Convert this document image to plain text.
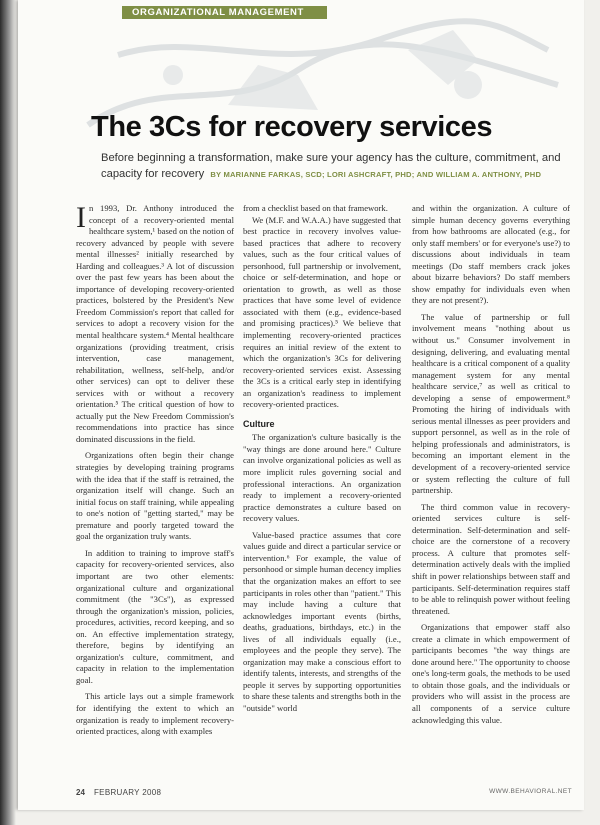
ORGANIZATIONAL MANAGEMENT
The 3Cs for recovery services
Before beginning a transformation, make sure your agency has the culture, commitment, and capacity for recovery BY MARIANNE FARKAS, SCD; LORI ASHCRAFT, PHD; AND WILLIAM A. ANTHONY, PHD

In 1993, Dr. Anthony introduced the concept of a recovery-oriented mental healthcare system,¹ based on the notion of recovery advanced by people with severe mental illnesses² initially researched by Harding and colleagues.³ A lot of discussion over the past few years has been about the importance of developing recovery-oriented practices, bolstered by the President's New Freedom Commission's report that called for services to adopt a recovery vision for the mental healthcare system.⁴ Mental healthcare organizations (providing treatment, crisis intervention, case management, rehabilitation, wellness, self-help, and/or other services) can opt to deliver these services with or without a recovery orientation.⁵ The critical question of how to actually put the New Freedom Commission's recommendations into practice has since dominated discussions in the field.

Organizations often begin their change strategies by developing training programs with the idea that if the staff is retrained, the organization itself will change. Such an initial focus on staff training, while appealing to one's notion of "getting started," may be premature and poorly targeted toward the goal the organization truly wants.

In addition to training to improve staff's capacity for recovery-oriented services, also important are two other elements: organizational culture and organizational commitment (the "3Cs"), as expressed through the organization's mission, policies, procedures, activities, record keeping, and so on. An effective implementation strategy, therefore, begins by identifying an organization's culture, commitment, and capacity in relation to the implementation goal.

This article lays out a simple framework for identifying the extent to which an organization is ready to implement recovery-oriented practices, along with examples

from a checklist based on that framework.

We (M.F. and W.A.A.) have suggested that best practice in recovery involves value-based practices that adhere to recovery values, such as the four critical values of personhood, full partnership or involvement, choice or self-determination, and hope or orientation to growth, as well as those practices that have some level of evidence associated with them (e.g., evidence-based and promising practices).⁵ We believe that implementing recovery-oriented practices requires an initial review of the extent to which the organization's 3Cs for delivering recovery-oriented services exist. Assessing the 3Cs is a critical early step in identifying an organization's readiness to implement recovery-oriented practices.

Culture

The organization's culture basically is the "way things are done around here." Culture can involve organizational policies as well as more implicit rules governing social and professional interactions. An organization ready to implement a recovery-oriented practice demonstrates a culture based on recovery values.

Value-based practice assumes that core values guide and direct a particular service or intervention.⁶ For example, the value of personhood or simple human decency implies that the organization makes an effort to see participants in roles other than "patient." This may include having a culture that acknowledges important events (births, deaths, graduations, birthdays, etc.) in the lives of all individuals equally (i.e., employees and the people they serve). The organization may make a conscious effort to identify talents, interests, and strengths of the people it serves by supporting opportunities to share these talents and strengths both in the "outside" world

and within the organization. A culture of simple human decency governs everything from how bathrooms are allocated (e.g., for only staff members' or for everyone's use?) to discussions about individuals in team meetings (Do staff members crack jokes about bizarre behaviors? Do staff members show empathy for individuals even when they are not present?).

The value of partnership or full involvement means "nothing about us without us." Consumer involvement in designing, delivering, and evaluating mental healthcare is a critical component of a quality management system for any mental healthcare service,⁷ as well as critical to developing a sense of empowerment.⁸ Promoting the hiring of individuals with serious mental illnesses as peer providers and support personnel, as well as in the role of helping professionals and administrators, is becoming an important element in the development of a recovery-oriented service or system reflecting the culture of full partnership.

The third common value in recovery-oriented services culture is self-determination. Self-determination and self-choice are the cornerstone of a recovery process. A culture that promotes self-determination actively deals with the implied shift in power relationships between staff and participants. Self-determination requires staff to be able to relinquish power without feeling threatened.

Organizations that empower staff also create a climate in which empowerment of participants becomes "the way things are done around here." The opportunity to choose one's long-term goals, the methods to be used to obtain those goals, and the individuals or providers who will assist in the process are all components of a service culture acknowledging this value.

24 FEBRUARY 2008	WWW.BEHAVIORAL.NET
